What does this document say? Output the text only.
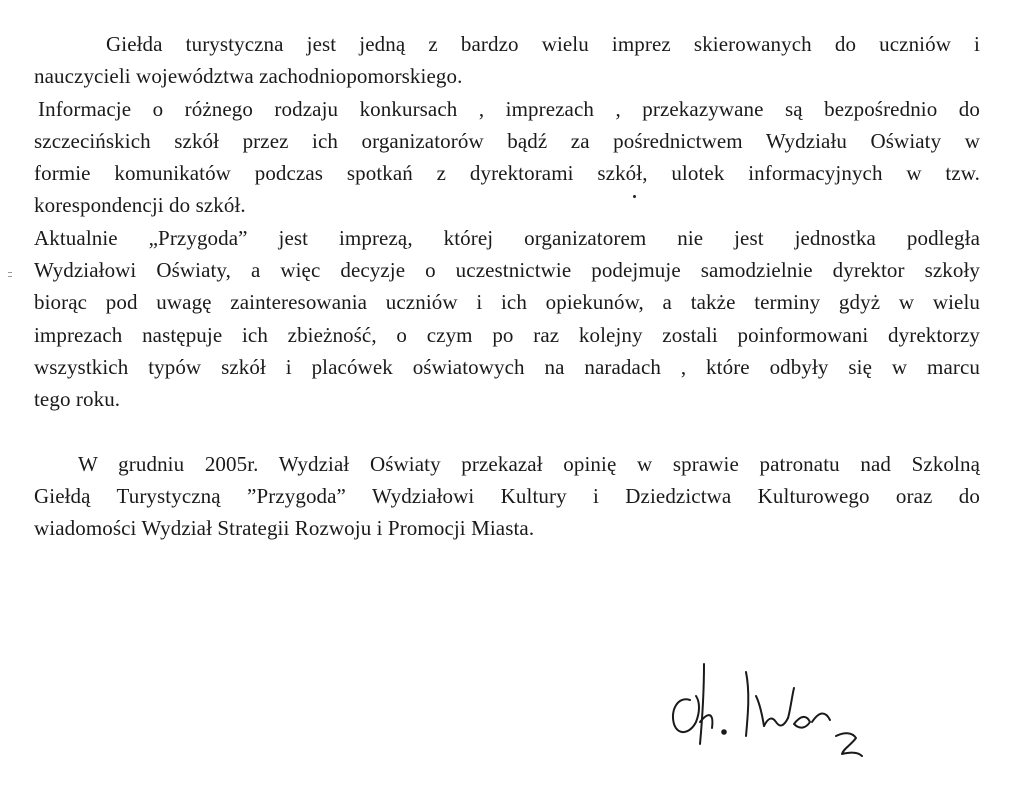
Giełda turystyczna jest jedną z bardzo wielu imprez skierowanych do uczniów i
nauczycieli województwa zachodniopomorskiego.
Informacje o różnego rodzaju konkursach , imprezach , przekazywane są bezpośrednio do
szczecińskich szkół przez ich organizatorów bądź za pośrednictwem Wydziału Oświaty w
formie komunikatów podczas spotkań z dyrektorami szkół, ulotek informacyjnych w tzw.
korespondencji do szkół.
Aktualnie „Przygoda” jest imprezą, której organizatorem nie jest jednostka podległa
Wydziałowi Oświaty, a więc decyzje o uczestnictwie podejmuje samodzielnie dyrektor szkoły
biorąc pod uwagę zainteresowania uczniów i ich opiekunów, a także terminy gdyż w wielu
imprezach następuje ich zbieżność, o czym po raz kolejny zostali poinformowani dyrektorzy
wszystkich typów szkół i placówek oświatowych na naradach , które odbyły się w marcu
tego roku.
W grudniu 2005r. Wydział Oświaty przekazał opinię w sprawie patronatu nad Szkolną
Giełdą Turystyczną ”Przygoda” Wydziałowi Kultury i Dziedzictwa Kulturowego oraz do
wiadomości Wydział Strategii Rozwoju i Promocji Miasta.
